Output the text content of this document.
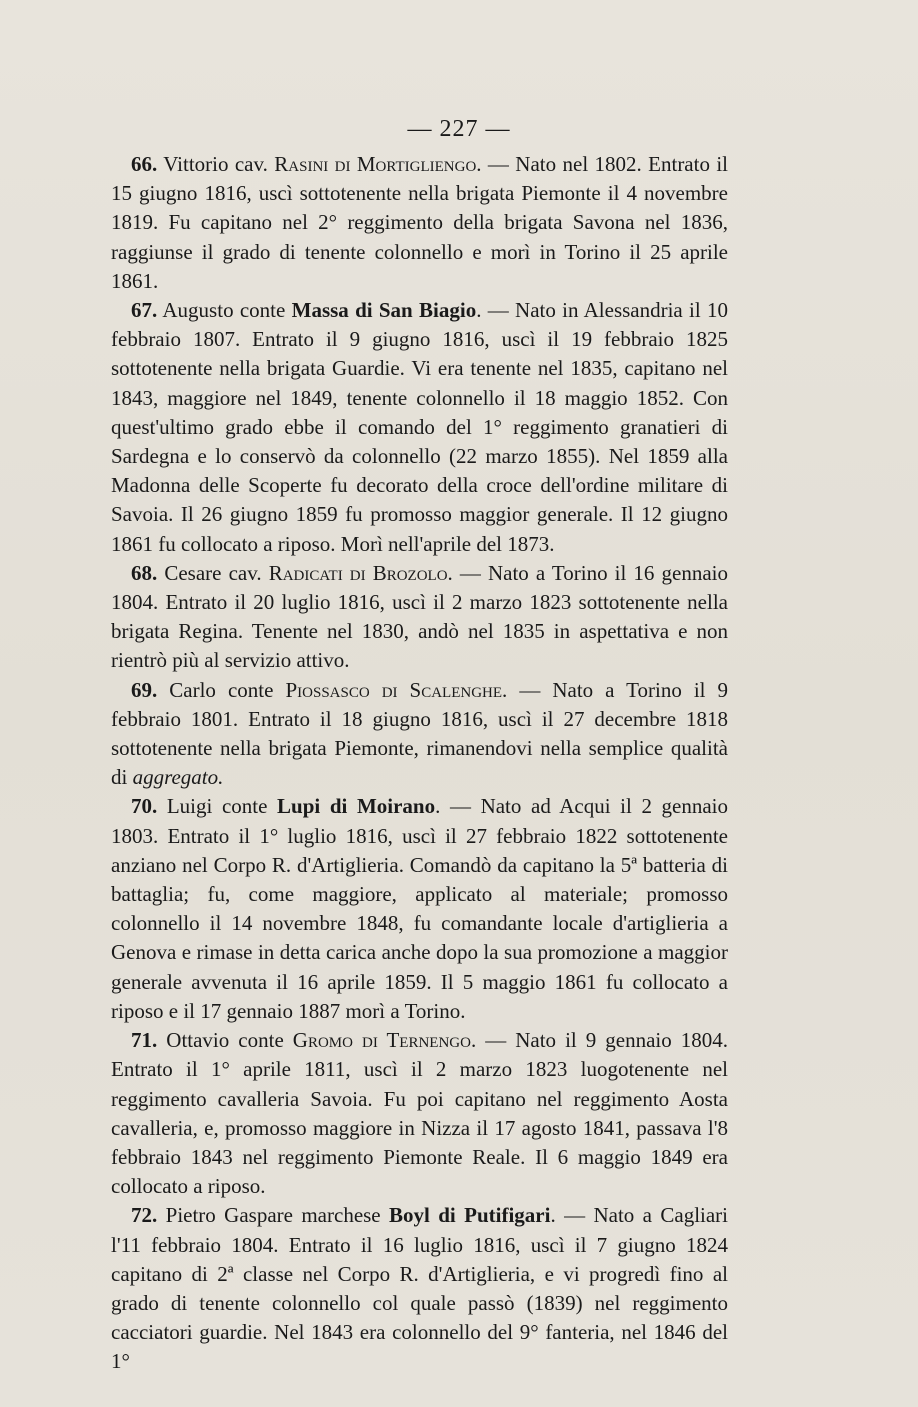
— 227 —

66. Vittorio cav. Rasini di Mortigliengo. — Nato nel 1802. Entrato il 15 giugno 1816, uscì sottotenente nella brigata Piemonte il 4 novembre 1819. Fu capitano nel 2° reggimento della brigata Savona nel 1836, raggiunse il grado di tenente colonnello e morì in Torino il 25 aprile 1861.

67. Augusto conte Massa di San Biagio. — Nato in Alessandria il 10 febbraio 1807. Entrato il 9 giugno 1816, uscì il 19 febbraio 1825 sottotenente nella brigata Guardie. Vi era tenente nel 1835, capitano nel 1843, maggiore nel 1849, tenente colonnello il 18 maggio 1852. Con quest'ultimo grado ebbe il comando del 1° reggimento granatieri di Sardegna e lo conservò da colonnello (22 marzo 1855). Nel 1859 alla Madonna delle Scoperte fu decorato della croce dell'ordine militare di Savoia. Il 26 giugno 1859 fu promosso maggior generale. Il 12 giugno 1861 fu collocato a riposo. Morì nell'aprile del 1873.

68. Cesare cav. Radicati di Brozolo. — Nato a Torino il 16 gennaio 1804. Entrato il 20 luglio 1816, uscì il 2 marzo 1823 sottotenente nella brigata Regina. Tenente nel 1830, andò nel 1835 in aspettativa e non rientrò più al servizio attivo.

69. Carlo conte Piossasco di Scalenghe. — Nato a Torino il 9 febbraio 1801. Entrato il 18 giugno 1816, uscì il 27 decembre 1818 sottotenente nella brigata Piemonte, rimanendovi nella semplice qualità di aggregato.

70. Luigi conte Lupi di Moirano. — Nato ad Acqui il 2 gennaio 1803. Entrato il 1° luglio 1816, uscì il 27 febbraio 1822 sottotenente anziano nel Corpo R. d'Artiglieria. Comandò da capitano la 5ª batteria di battaglia; fu, come maggiore, applicato al materiale; promosso colonnello il 14 novembre 1848, fu comandante locale d'artiglieria a Genova e rimase in detta carica anche dopo la sua promozione a maggior generale avvenuta il 16 aprile 1859. Il 5 maggio 1861 fu collocato a riposo e il 17 gennaio 1887 morì a Torino.

71. Ottavio conte Gromo di Ternengo. — Nato il 9 gennaio 1804. Entrato il 1° aprile 1811, uscì il 2 marzo 1823 luogotenente nel reggimento cavalleria Savoia. Fu poi capitano nel reggimento Aosta cavalleria, e, promosso maggiore in Nizza il 17 agosto 1841, passava l'8 febbraio 1843 nel reggimento Piemonte Reale. Il 6 maggio 1849 era collocato a riposo.

72. Pietro Gaspare marchese Boyl di Putifigari. — Nato a Cagliari l'11 febbraio 1804. Entrato il 16 luglio 1816, uscì il 7 giugno 1824 capitano di 2ª classe nel Corpo R. d'Artiglieria, e vi progredì fino al grado di tenente colonnello col quale passò (1839) nel reggimento cacciatori guardie. Nel 1843 era colonnello del 9° fanteria, nel 1846 del 1°
